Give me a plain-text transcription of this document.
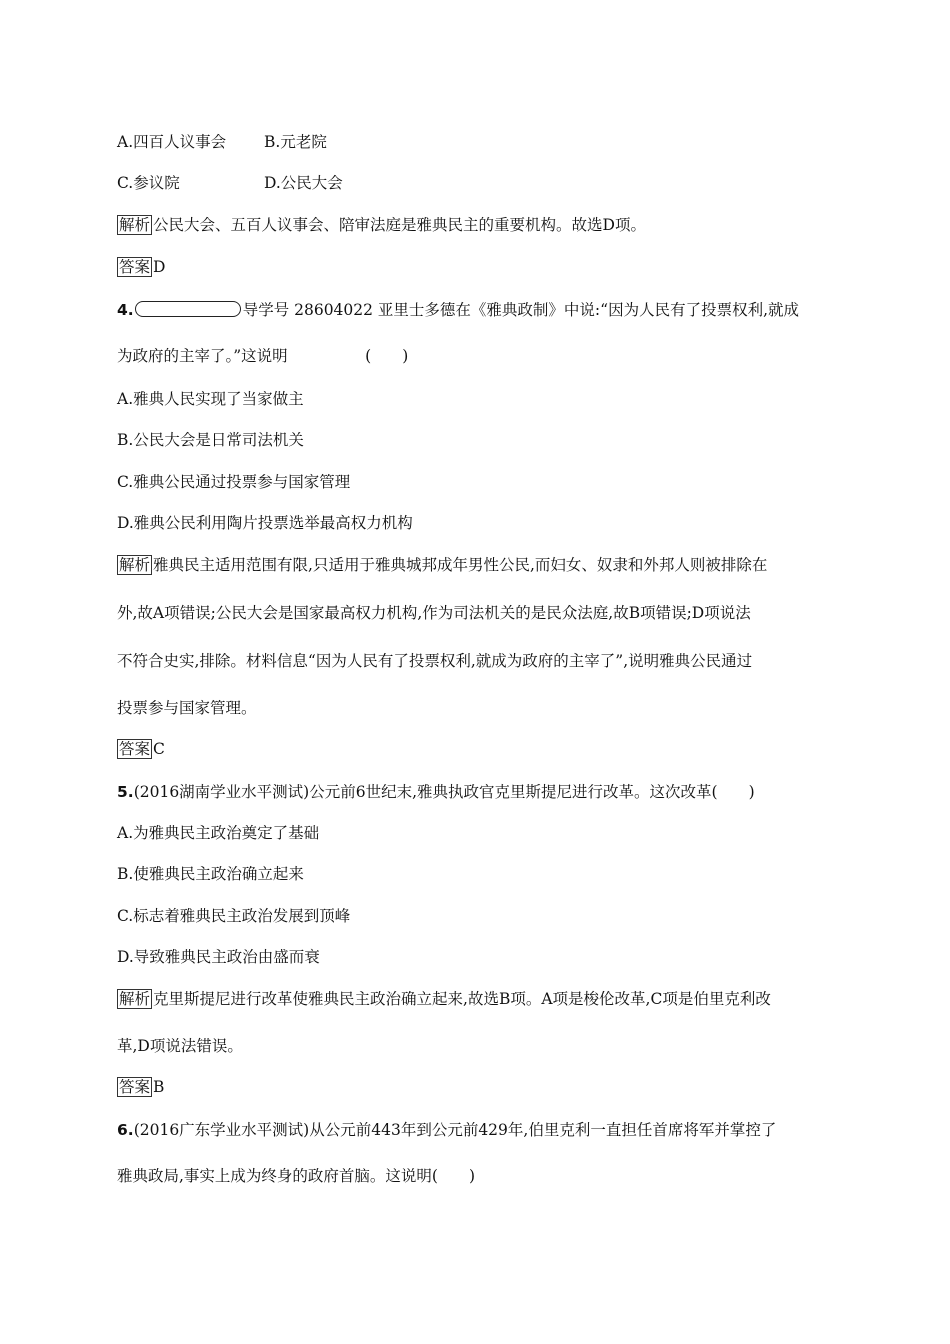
A.四百人议事会 B.元老院
C.参议院	D.公民大会
解析 公民大会、五百人议事会、陪审法庭是雅典民主的重要机构。故选D项。
答案 D
4.	导学号 28604022 亚里士多德在《雅典政制》中说:“因为人民有了投票权利,就成
为政府的主宰了。”这说明　　　　　(　　)
A.雅典人民实现了当家做主
B.公民大会是日常司法机关
C.雅典公民通过投票参与国家管理
D.雅典公民利用陶片投票选举最高权力机构
解析 雅典民主适用范围有限,只适用于雅典城邦成年男性公民,而妇女、奴隶和外邦人则被排除在
外,故A项错误;公民大会是国家最高权力机构,作为司法机关的是民众法庭,故B项错误;D项说法
不符合史实,排除。材料信息“因为人民有了投票权利,就成为政府的主宰了”,说明雅典公民通过
投票参与国家管理。
答案 C
5.(2016湖南学业水平测试)公元前6世纪末,雅典执政官克里斯提尼进行改革。这次改革(　　)
A.为雅典民主政治奠定了基础
B.使雅典民主政治确立起来
C.标志着雅典民主政治发展到顶峰
D.导致雅典民主政治由盛而衰
解析 克里斯提尼进行改革使雅典民主政治确立起来,故选B项。A项是梭伦改革,C项是伯里克利改
革,D项说法错误。
答案 B
6.(2016广东学业水平测试)从公元前443年到公元前429年,伯里克利一直担任首席将军并掌控了
雅典政局,事实上成为终身的政府首脑。这说明(　　)
